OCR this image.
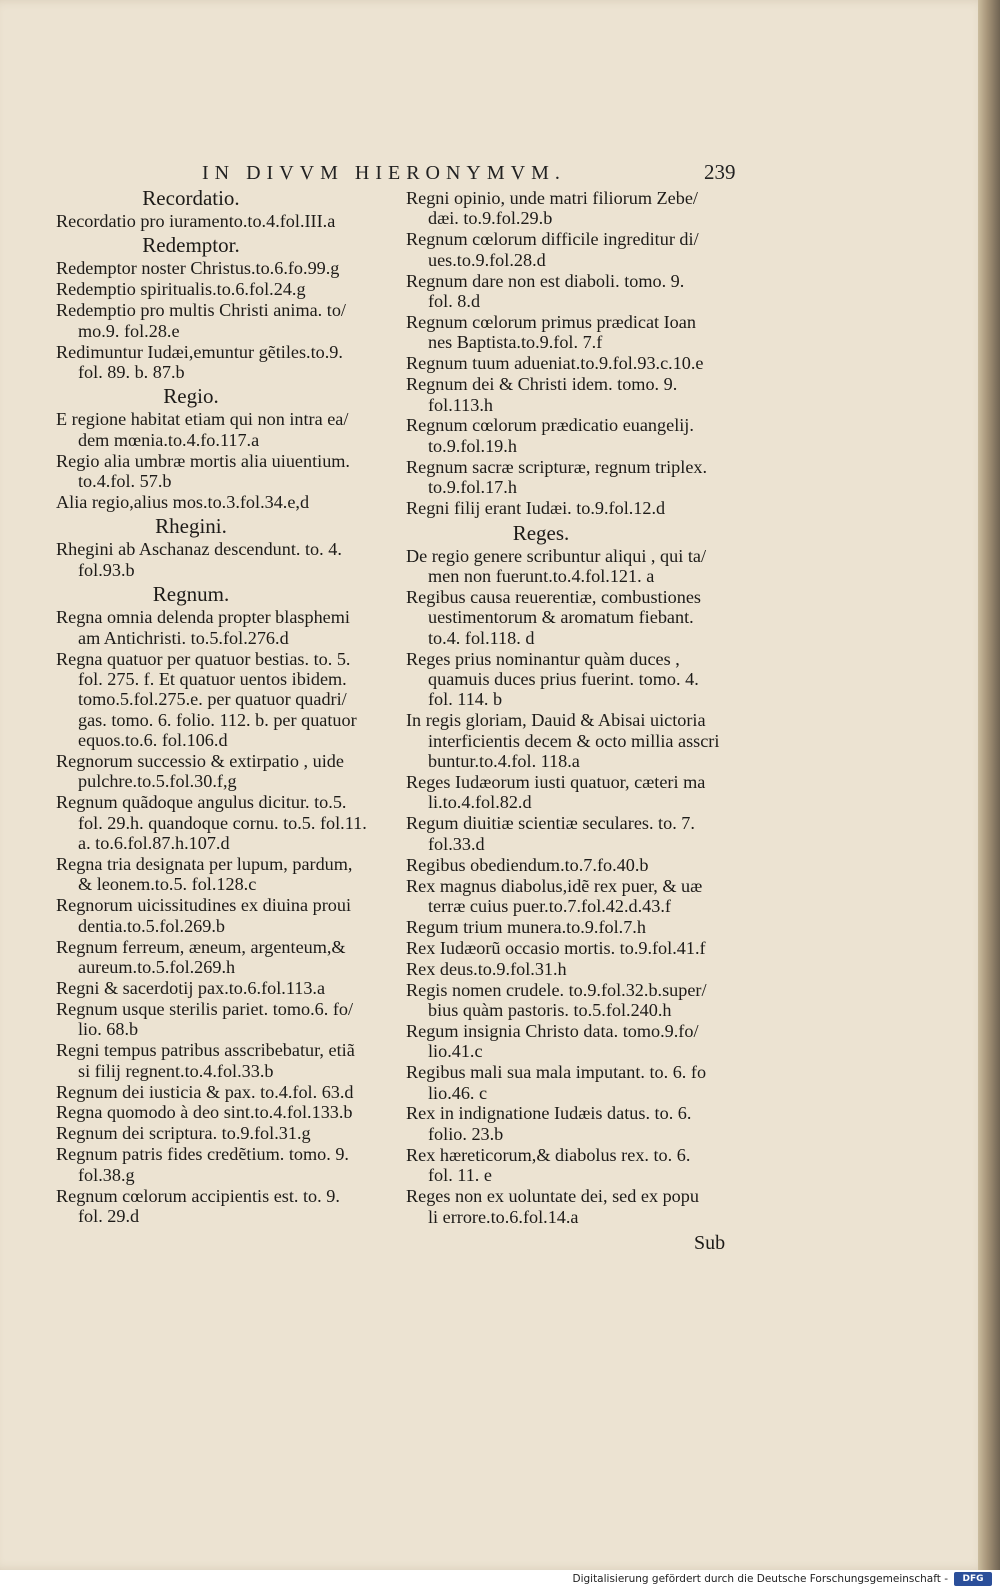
IN DIVVM HIERONYMVM.	239
Recordatio.
Recordatio pro iuramento.to.4.fol.III.a
Redemptor.
Redemptor noster Christus.to.6.fo.99.g
Redemptio spiritualis.to.6.fol.24.g
Redemptio pro multis Christi anima. to/
mo.9. fol.28.e
Redimuntur Iudæi,emuntur gẽtiles.to.9.
fol. 89. b. 87.b
Regio.
E regione habitat etiam qui non intra ea/
dem mœnia.to.4.fo.117.a
Regio alia umbræ mortis alia uiuentium.
to.4.fol. 57.b
Alia regio,alius mos.to.3.fol.34.e,d
Rhegini.
Rhegini ab Aschanaz descendunt. to. 4.
fol.93.b
Regnum.
Regna omnia delenda propter blasphemi
am Antichristi. to.5.fol.276.d
Regna quatuor per quatuor bestias. to. 5.
fol. 275. f. Et quatuor uentos ibidem.
tomo.5.fol.275.e. per quatuor quadri/
gas. tomo. 6. folio. 112. b. per quatuor
equos.to.6. fol.106.d
Regnorum successio & extirpatio , uide
pulchre.to.5.fol.30.f,g
Regnum quãdoque angulus dicitur. to.5.
fol. 29.h. quandoque cornu. to.5. fol.11.
a. to.6.fol.87.h.107.d
Regna tria designata per lupum, pardum,
& leonem.to.5. fol.128.c
Regnorum uicissitudines ex diuina proui
dentia.to.5.fol.269.b
Regnum ferreum, æneum, argenteum,&
aureum.to.5.fol.269.h
Regni & sacerdotij pax.to.6.fol.113.a
Regnum usque sterilis pariet. tomo.6. fo/
lio. 68.b
Regni tempus patribus asscribebatur, etiã
si filij regnent.to.4.fol.33.b
Regnum dei iusticia & pax. to.4.fol. 63.d
Regna quomodo à deo sint.to.4.fol.133.b
Regnum dei scriptura. to.9.fol.31.g
Regnum patris fides credẽtium. tomo. 9.
fol.38.g
Regnum cœlorum accipientis est. to. 9.
fol. 29.d
Regni opinio, unde matri filiorum Zebe/
dæi. to.9.fol.29.b
Regnum cœlorum difficile ingreditur di/
ues.to.9.fol.28.d
Regnum dare non est diaboli. tomo. 9.
fol. 8.d
Regnum cœlorum primus prædicat Ioan
nes Baptista.to.9.fol. 7.f
Regnum tuum adueniat.to.9.fol.93.c.10.e
Regnum dei & Christi idem. tomo. 9.
fol.113.h
Regnum cœlorum prædicatio euangelij.
to.9.fol.19.h
Regnum sacræ scripturæ, regnum triplex.
to.9.fol.17.h
Regni filij erant Iudæi. to.9.fol.12.d
Reges.
De regio genere scribuntur aliqui , qui ta/
men non fuerunt.to.4.fol.121. a
Regibus causa reuerentiæ, combustiones
uestimentorum & aromatum fiebant.
to.4. fol.118. d
Reges prius nominantur quàm duces ,
quamuis duces prius fuerint. tomo. 4.
fol. 114. b
In regis gloriam, Dauid & Abisai uictoria
interficientis decem & octo millia asscri
buntur.to.4.fol. 118.a
Reges Iudæorum iusti quatuor, cæteri ma
li.to.4.fol.82.d
Regum diuitiæ scientiæ seculares. to. 7.
fol.33.d
Regibus obediendum.to.7.fo.40.b
Rex magnus diabolus,idẽ rex puer, & uæ
terræ cuius puer.to.7.fol.42.d.43.f
Regum trium munera.to.9.fol.7.h
Rex Iudæorũ occasio mortis. to.9.fol.41.f
Rex deus.to.9.fol.31.h
Regis nomen crudele. to.9.fol.32.b.super/
bius quàm pastoris. to.5.fol.240.h
Regum insignia Christo data. tomo.9.fo/
lio.41.c
Regibus mali sua mala imputant. to. 6. fo
lio.46. c
Rex in indignatione Iudæis datus. to. 6.
folio. 23.b
Rex hæreticorum,& diabolus rex. to. 6.
fol. 11. e
Reges non ex uoluntate dei, sed ex popu
li errore.to.6.fol.14.a
Sub
Digitalisierung gefördert durch die Deutsche Forschungsgemeinschaft -	DFG
